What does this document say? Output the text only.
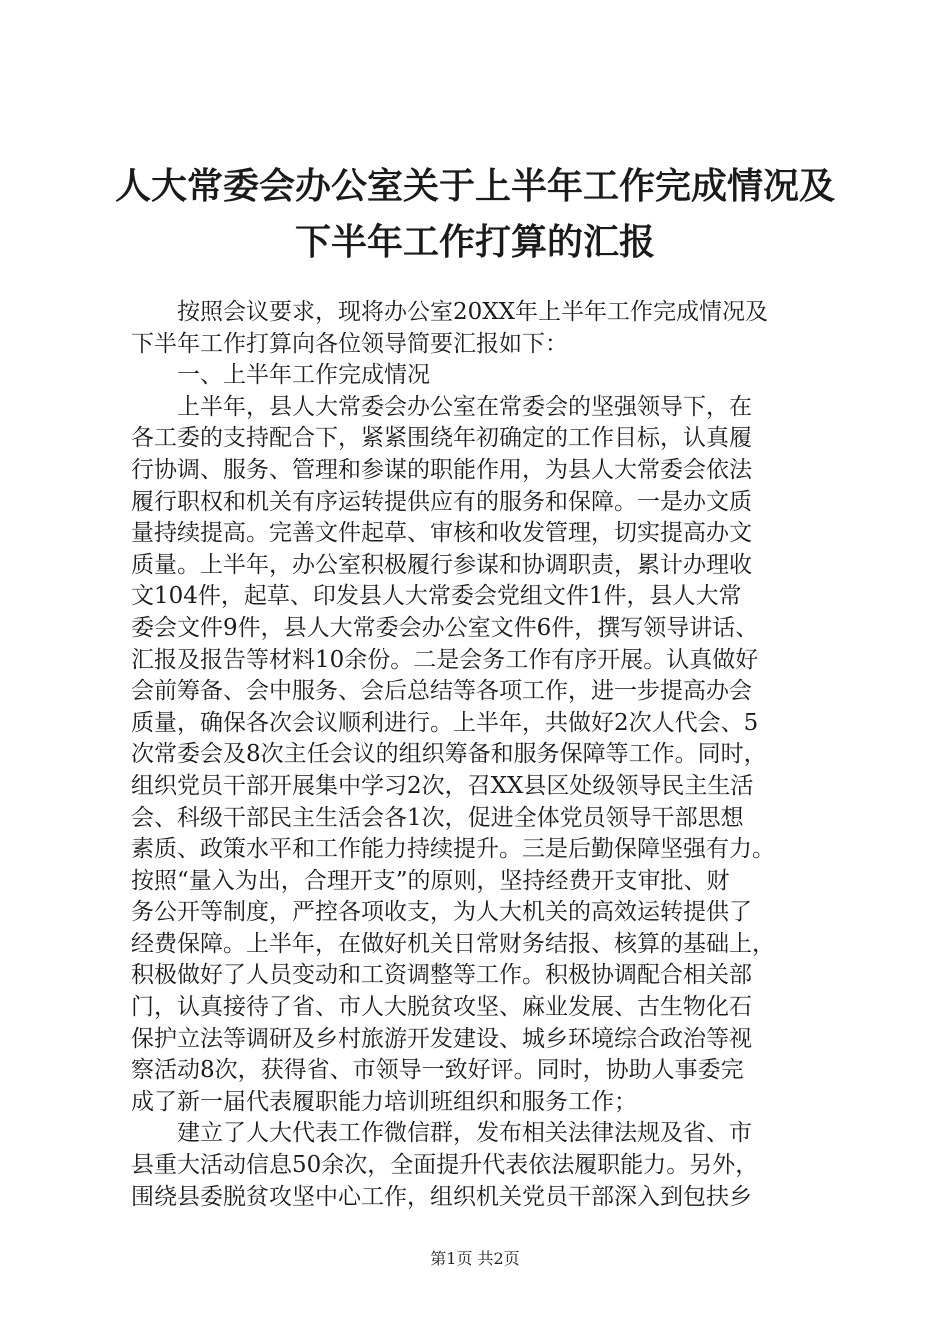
人大常委会办公室关于上半年工作完成情况及
下半年工作打算的汇报
　　按照会议要求，现将办公室20XX年上半年工作完成情况及
下半年工作打算向各位领导简要汇报如下：
　　一、上半年工作完成情况
　　上半年，县人大常委会办公室在常委会的坚强领导下，在
各工委的支持配合下，紧紧围绕年初确定的工作目标，认真履
行协调、服务、管理和参谋的职能作用，为县人大常委会依法
履行职权和机关有序运转提供应有的服务和保障。一是办文质
量持续提高。完善文件起草、审核和收发管理，切实提高办文
质量。上半年，办公室积极履行参谋和协调职责，累计办理收
文104件，起草、印发县人大常委会党组文件1件，县人大常
委会文件9件，县人大常委会办公室文件6件，撰写领导讲话、
汇报及报告等材料10余份。二是会务工作有序开展。认真做好
会前筹备、会中服务、会后总结等各项工作，进一步提高办会
质量，确保各次会议顺利进行。上半年，共做好2次人代会、5
次常委会及8次主任会议的组织筹备和服务保障等工作。同时，
组织党员干部开展集中学习2次，召XX县区处级领导民主生活
会、科级干部民主生活会各1次，促进全体党员领导干部思想
素质、政策水平和工作能力持续提升。三是后勤保障坚强有力。
按照“量入为出，合理开支”的原则，坚持经费开支审批、财
务公开等制度，严控各项收支，为人大机关的高效运转提供了
经费保障。上半年，在做好机关日常财务结报、核算的基础上，
积极做好了人员变动和工资调整等工作。积极协调配合相关部
门，认真接待了省、市人大脱贫攻坚、麻业发展、古生物化石
保护立法等调研及乡村旅游开发建设、城乡环境综合政治等视
察活动8次，获得省、市领导一致好评。同时，协助人事委完
成了新一届代表履职能力培训班组织和服务工作；
　　建立了人大代表工作微信群，发布相关法律法规及省、市
县重大活动信息50余次，全面提升代表依法履职能力。另外，
围绕县委脱贫攻坚中心工作，组织机关党员干部深入到包扶乡
第1页 共2页
